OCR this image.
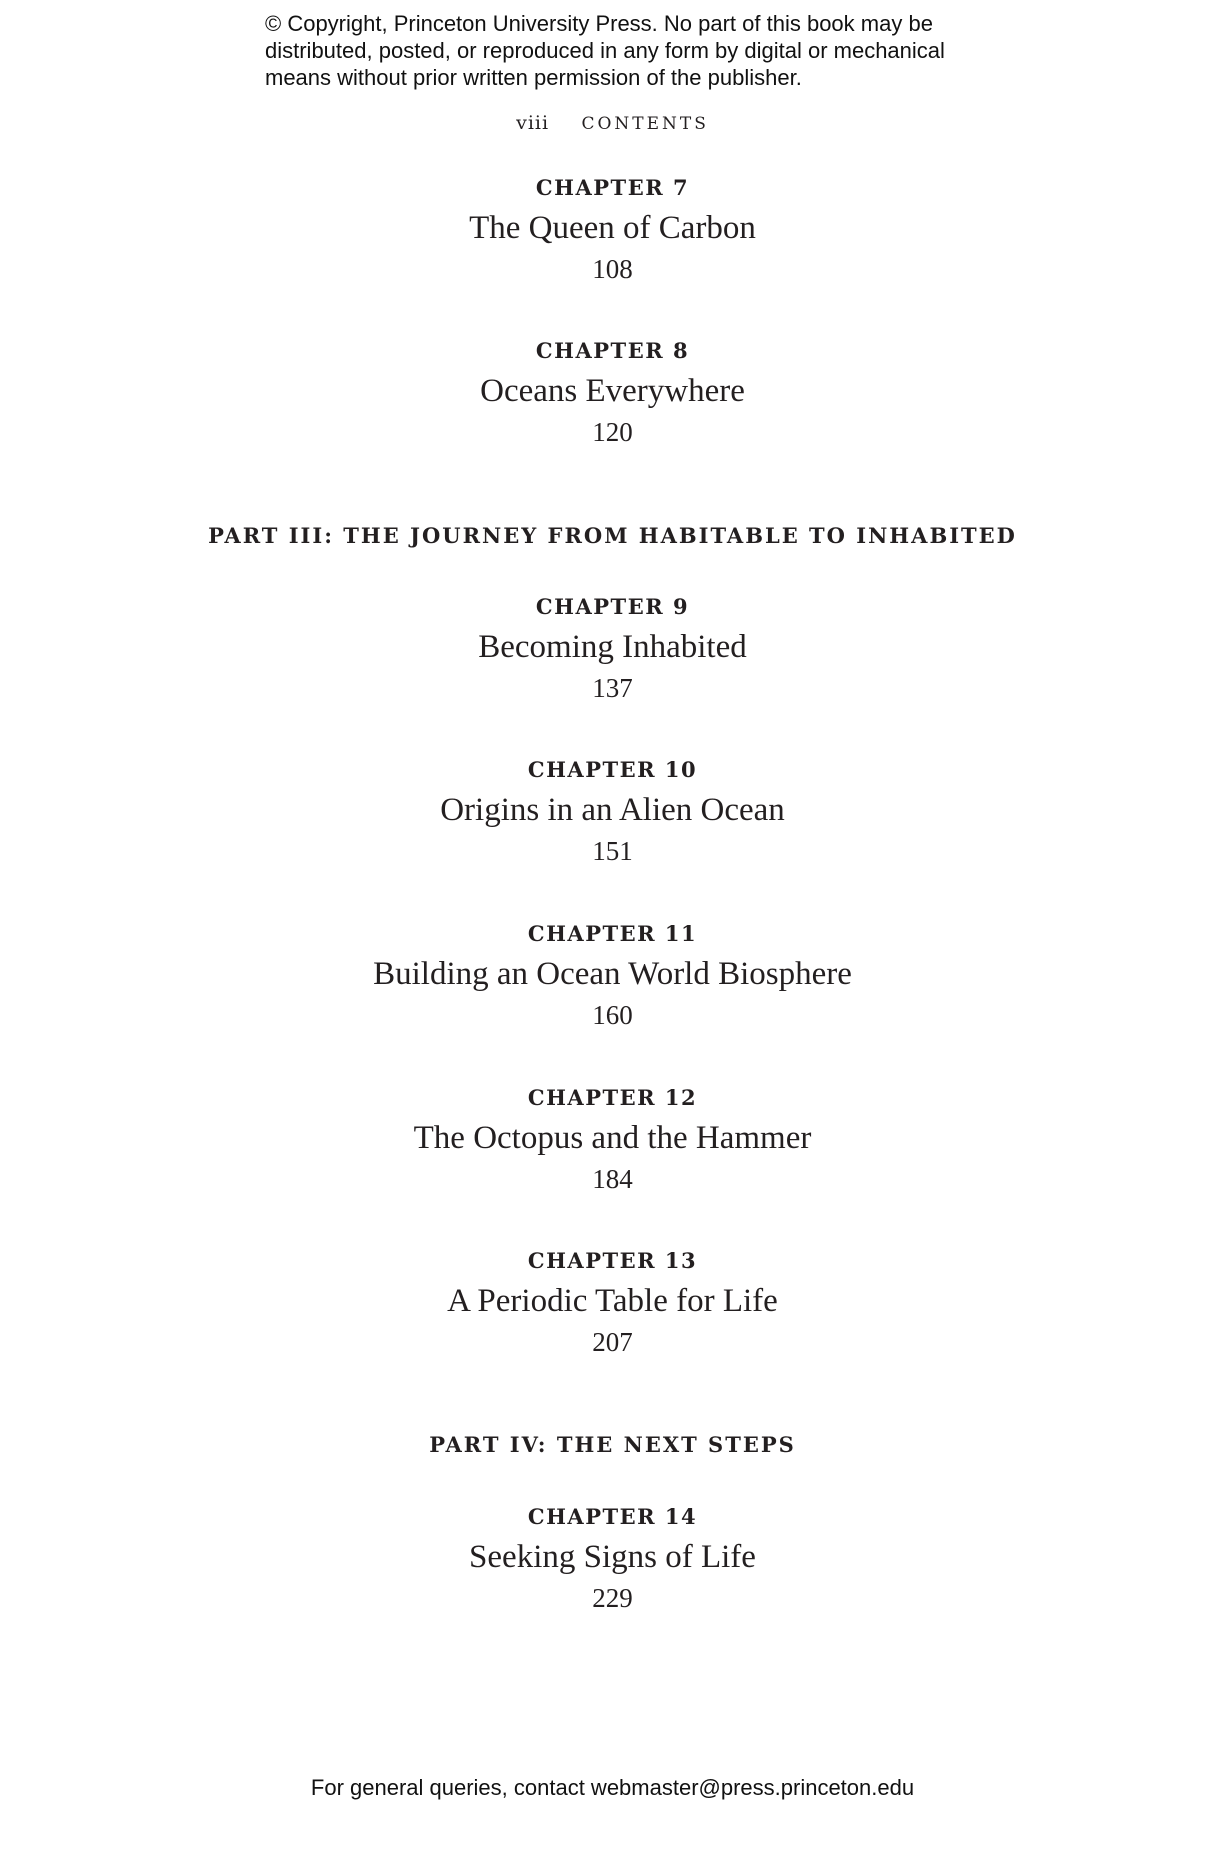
© Copyright, Princeton University Press. No part of this book may be
distributed, posted, or reproduced in any form by digital or mechanical
means without prior written permission of the publisher.
viii CONTENTS
CHAPTER 7
The Queen of Carbon
108
CHAPTER 8
Oceans Everywhere
120
PART III: THE JOURNEY FROM HABITABLE TO INHABITED
CHAPTER 9
Becoming Inhabited
137
CHAPTER 10
Origins in an Alien Ocean
151
CHAPTER 11
Building an Ocean World Biosphere
160
CHAPTER 12
The Octopus and the Hammer
184
CHAPTER 13
A Periodic Table for Life
207
PART IV: THE NEXT STEPS
CHAPTER 14
Seeking Signs of Life
229
For general queries, contact webmaster@press.princeton.edu
